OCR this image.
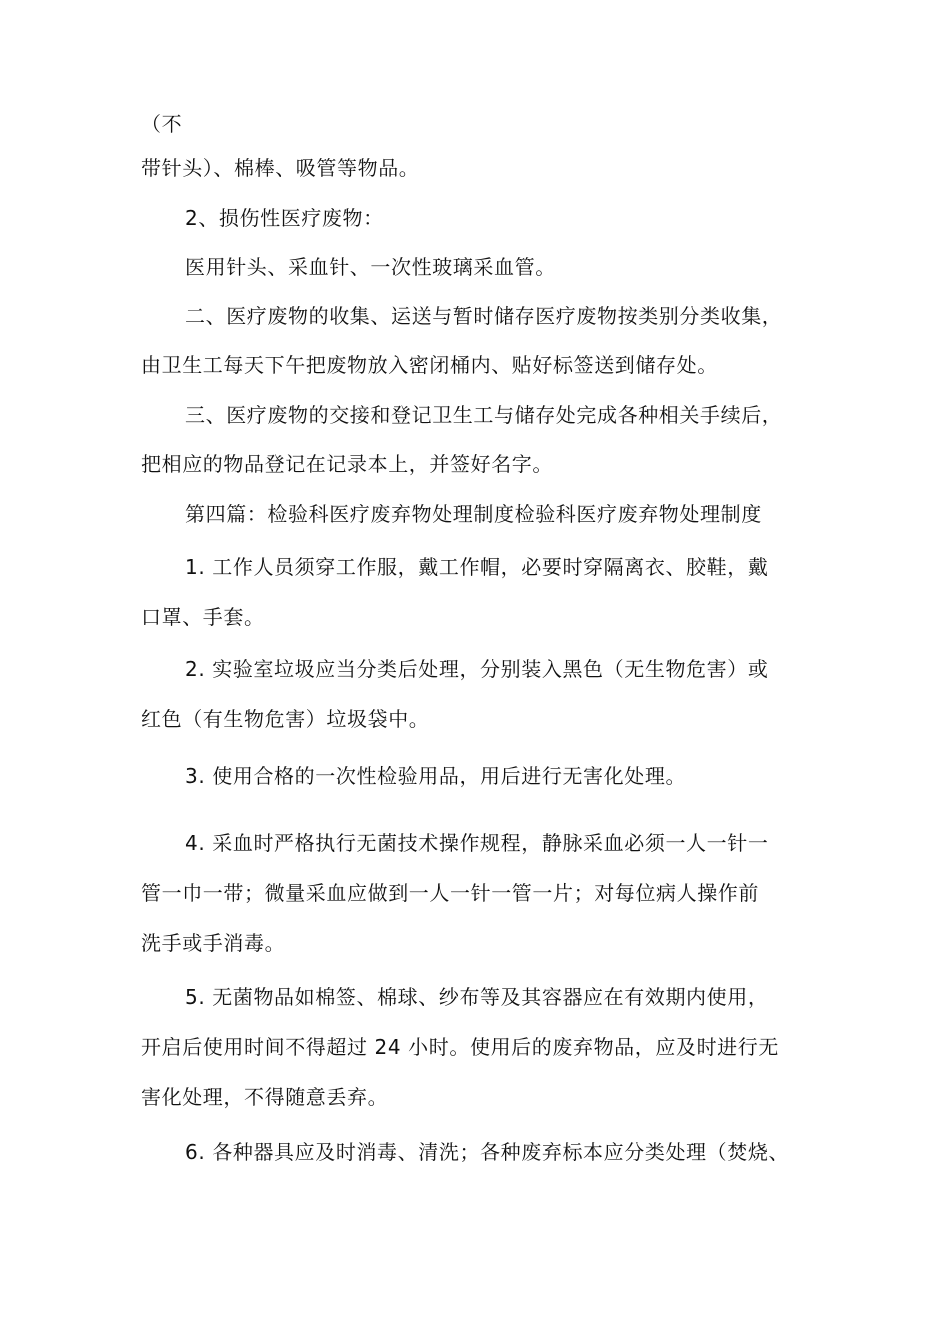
（不
带针头）、棉棒、吸管等物品。
2、损伤性医疗废物：
医用针头、采血针、一次性玻璃采血管。
二、医疗废物的收集、运送与暂时储存医疗废物按类别分类收集，
由卫生工每天下午把废物放入密闭桶内、贴好标签送到储存处。
三、医疗废物的交接和登记卫生工与储存处完成各种相关手续后，
把相应的物品登记在记录本上，并签好名字。
第四篇：检验科医疗废弃物处理制度检验科医疗废弃物处理制度
1. 工作人员须穿工作服，戴工作帽，必要时穿隔离衣、胶鞋，戴
口罩、手套。
2. 实验室垃圾应当分类后处理，分别装入黑色（无生物危害）或
红色（有生物危害）垃圾袋中。
3. 使用合格的一次性检验用品，用后进行无害化处理。
4. 采血时严格执行无菌技术操作规程，静脉采血必须一人一针一
管一巾一带；微量采血应做到一人一针一管一片；对每位病人操作前
洗手或手消毒。
5. 无菌物品如棉签、棉球、纱布等及其容器应在有效期内使用，
开启后使用时间不得超过 24 小时。使用后的废弃物品，应及时进行无
害化处理，不得随意丢弃。
6. 各种器具应及时消毒、清洗；各种废弃标本应分类处理（焚烧、
